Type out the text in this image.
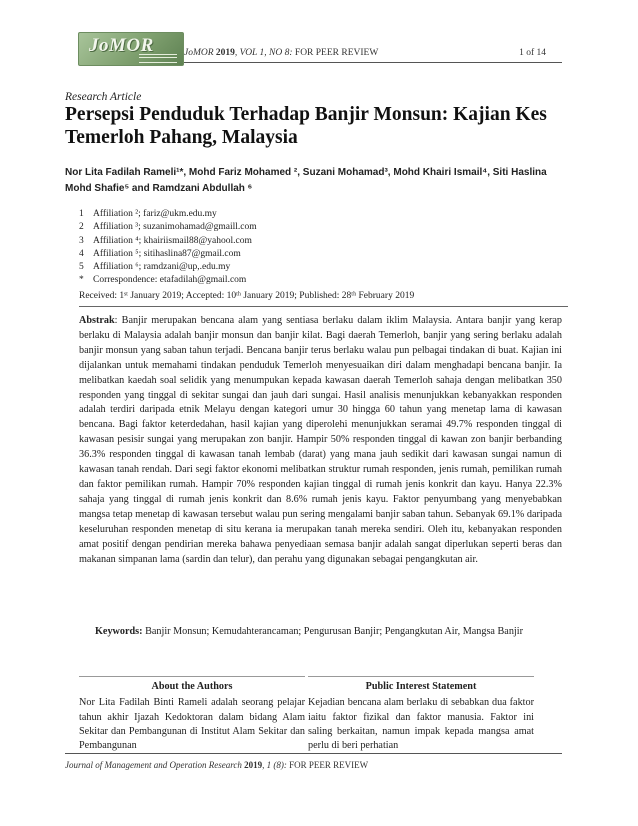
JoMOR	JoMOR 2019, VOL 1, NO 8: FOR PEER REVIEW	1 of 14
Research Article
Persepsi Penduduk Terhadap Banjir Monsun: Kajian Kes Temerloh Pahang, Malaysia
Nor Lita Fadilah Rameli¹*, Mohd Fariz Mohamed ², Suzani Mohamad³, Mohd Khairi Ismail⁴, Siti Haslina Mohd Shafie⁵ and Ramdzani Abdullah ⁶
1 Affiliation ²; fariz@ukm.edu.my
2 Affiliation ³; suzanimohamad@gmaill.com
3 Affiliation ⁴; khairiismail88@yahool.com
4 Affiliation ⁵; sitihaslina87@gmail.com
5 Affiliation ⁶; ramdzani@up,.edu.my
* Correspondence: etafadilah@gmail.com
Received: 1ˢᵗ January 2019; Accepted: 10ᵗʰ January 2019; Published: 28ᵗʰ February 2019

Abstrak: Banjir merupakan bencana alam yang sentiasa berlaku dalam iklim Malaysia. Antara banjir yang kerap berlaku di Malaysia adalah banjir monsun dan banjir kilat. Bagi daerah Temerloh, banjir yang sering berlaku adalah banjir monsun yang saban tahun terjadi. Bencana banjir terus berlaku walau pun pelbagai tindakan di buat. Kajian ini dijalankan untuk memahami tindakan penduduk Temerloh menyesuaikan diri dalam menghadapi bencana banjir. Ia melibatkan kaedah soal selidik yang menumpukan kepada kawasan daerah Temerloh sahaja dengan melibatkan 350 responden yang tinggal di sekitar sungai dan jauh dari sungai. Hasil analisis menunjukkan kebanyakkan responden adalah terdiri daripada etnik Melayu dengan kategori umur 30 hingga 60 tahun yang menetap lama di kawasan bencana. Bagi faktor keterdedahan, hasil kajian yang diperolehi menunjukkan seramai 49.7% responden tinggal di kawasan pesisir sungai yang merupakan zon banjir. Hampir 50% responden tinggal di kawan zon banjir berbanding 36.3% responden tinggal di kawasan tanah lembab (darat) yang mana jauh sedikit dari kawasan sungai namun di kawasan tanah rendah. Dari segi faktor ekonomi melibatkan struktur rumah responden, jenis rumah, pemilikan rumah dan faktor pemilikan rumah. Hampir 70% responden kajian tinggal di rumah jenis konkrit dan kayu. Hanya 22.3% sahaja yang tinggal di rumah jenis konkrit dan 8.6% rumah jenis kayu. Faktor penyumbang yang menyebabkan mangsa tetap menetap di kawasan tersebut walau pun sering mengalami banjir saban tahun. Sebanyak 69.1% daripada keseluruhan responden menetap di situ kerana ia merupakan tanah mereka sendiri. Oleh itu, kebanyakan responden amat positif dengan pendirian mereka bahawa penyediaan semasa banjir adalah sangat diperlukan seperti beras dan makanan simpanan lama (sardin dan telur), dan perahu yang digunakan sebagai pengangkutan air.

Keywords: Banjir Monsun; Kemudahterancaman; Pengurusan Banjir; Pengangkutan Air, Mangsa Banjir

About the Authors

Nor Lita Fadilah Binti Rameli adalah seorang pelajar tahun akhir Ijazah Kedoktoran dalam bidang Alam Sekitar dan Pembangunan di Institut Alam Sekitar dan Pembangunan

Public Interest Statement

Kejadian bencana alam berlaku di sebabkan dua faktor iaitu faktor fizikal dan faktor manusia. Faktor ini saling berkaitan, namun impak kepada mangsa amat perlu di beri perhatian

Journal of Management and Operation Research 2019, 1 (8): FOR PEER REVIEW
